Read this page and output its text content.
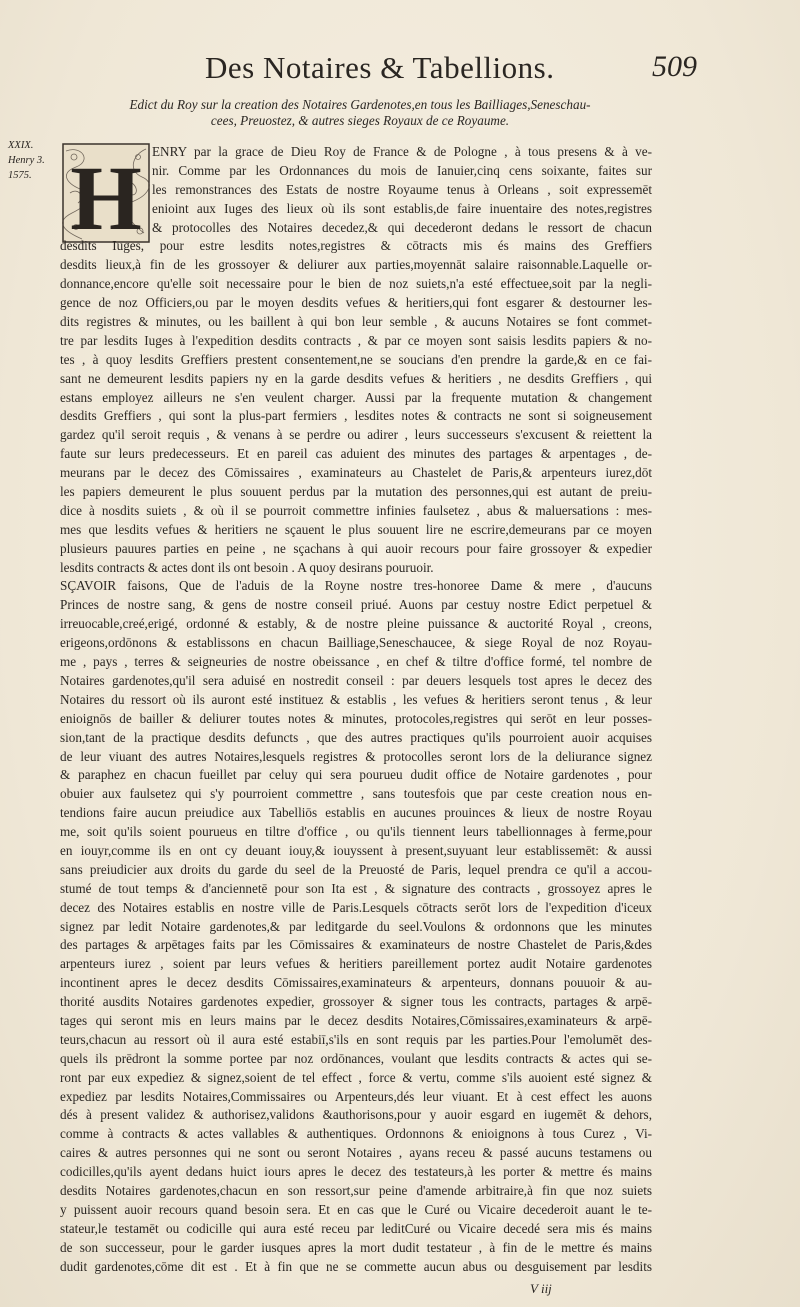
Des Notaires & Tabellions.	509
Edict du Roy sur la creation des Notaires Gardenotes,en tous les Bailliages,Seneschau-
cees, Preuostez, & autres sieges Royaux de ce Royaume.
XXIX.
Henry 3.
1575. H ENRY par la grace de Dieu Roy de France & de Pologne , à tous presens & à ve-
nir. Comme par les Ordonnances du mois de Ianuier,cinq cens soixante, faites sur
les remonstrances des Estats de nostre Royaume tenus à Orleans , soit expressemēt
enioint aux Iuges des lieux où ils sont establis,de faire inuentaire des notes,registres
& protocolles des Notaires decedez,& qui decederont dedans le ressort de chacun
desdits Iuges, pour estre lesdits notes,registres & cōtracts mis és mains des Greffiers
desdits lieux,à fin de les grossoyer & deliurer aux parties,moyennāt salaire raisonnable.Laquelle or-
donnance,encore qu'elle soit necessaire pour le bien de noz suiets,n'a esté effectuee,soit par la negli-
gence de noz Officiers,ou par le moyen desdits vefues & heritiers,qui font esgarer & destourner les-
dits registres & minutes, ou les baillent à qui bon leur semble , & aucuns Notaires se font commet-
tre par lesdits Iuges à l'expedition desdits contracts , & par ce moyen sont saisis lesdits papiers & no-
tes , à quoy lesdits Greffiers prestent consentement,ne se soucians d'en prendre la garde,& en ce fai-
sant ne demeurent lesdits papiers ny en la garde desdits vefues & heritiers , ne desdits Greffiers , qui
estans employez ailleurs ne s'en veulent charger. Aussi par la frequente mutation & changement
desdits Greffiers , qui sont la plus-part fermiers , lesdites notes & contracts ne sont si soigneusement
gardez qu'il seroit requis , & venans à se perdre ou adirer , leurs successeurs s'excusent & reiettent la
faute sur leurs predecesseurs. Et en pareil cas aduient des minutes des partages & arpentages , de-
meurans par le decez des Cōmissaires , examinateurs au Chastelet de Paris,& arpenteurs iurez,dōt
les papiers demeurent le plus souuent perdus par la mutation des personnes,qui est autant de preiu-
dice à nosdits suiets , & où il se pourroit commettre infinies faulsetez , abus & maluersations : mes-
mes que lesdits vefues & heritiers ne sçauent le plus souuent lire ne escrire,demeurans par ce moyen
plusieurs pauures parties en peine , ne sçachans à qui auoir recours pour faire grossoyer & expedier
lesdits contracts & actes dont ils ont besoin . A quoy desirans pouruoir.
SÇAVOIR faisons, Que de l'aduis de la Royne nostre tres-honoree Dame & mere , d'aucuns
Princes de nostre sang, & gens de nostre conseil priué. Auons par cestuy nostre Edict perpetuel &
irreuocable,creé,erigé, ordonné & estably, & de nostre pleine puissance & auctorité Royal , creons,
erigeons,ordōnons & establissons en chacun Bailliage,Seneschaucee, & siege Royal de noz Royau-
me , pays , terres & seigneuries de nostre obeissance , en chef & tiltre d'office formé, tel nombre de
Notaires gardenotes,qu'il sera aduisé en nostredit conseil : par deuers lesquels tost apres le decez des
Notaires du ressort où ils auront esté instituez & establis , les vefues & heritiers seront tenus , & leur
enioignōs de bailler & deliurer toutes notes & minutes, protocoles,registres qui serōt en leur posses-
sion,tant de la practique desdits defuncts , que des autres practiques qu'ils pourroient auoir acquises
de leur viuant des autres Notaires,lesquels registres & protocolles seront lors de la deliurance signez
& paraphez en chacun fueillet par celuy qui sera pourueu dudit office de Notaire gardenotes , pour
obuier aux faulsetez qui s'y pourroient commettre , sans toutesfois que par ceste creation nous en-
tendions faire aucun preiudice aux Tabelliōs establis en aucunes prouinces & lieux de nostre Royau
me, soit qu'ils soient pourueus en tiltre d'office , ou qu'ils tiennent leurs tabellionnages à ferme,pour
en iouyr,comme ils en ont cy deuant iouy,& iouyssent à present,suyuant leur establissemēt: & aussi
sans preiudicier aux droits du garde du seel de la Preuosté de Paris, lequel prendra ce qu'il a accou-
stumé de tout temps & d'anciennetē pour son Ita est , & signature des contracts , grossoyez apres le
decez des Notaires establis en nostre ville de Paris.Lesquels cōtracts serōt lors de l'expedition d'iceux
signez par ledit Notaire gardenotes,& par leditgarde du seel.Voulons & ordonnons que les minutes
des partages & arpētages faits par les Cōmissaires & examinateurs de nostre Chastelet de Paris,&des
arpenteurs iurez , soient par leurs vefues & heritiers pareillement portez audit Notaire gardenotes
incontinent apres le decez desdits Cōmissaires,examinateurs & arpenteurs, donnans pouuoir & au-
thorité ausdits Notaires gardenotes expedier, grossoyer & signer tous les contracts, partages & arpē-
tages qui seront mis en leurs mains par le decez desdits Notaires,Cōmissaires,examinateurs & arpē-
teurs,chacun au ressort où il aura esté estabiī,s'ils en sont requis par les parties.Pour l'emolumēt des-
quels ils prēdront la somme portee par noz ordōnances, voulant que lesdits contracts & actes qui se-
ront par eux expediez & signez,soient de tel effect , force & vertu, comme s'ils auoient esté signez &
expediez par lesdits Notaires,Commissaires ou Arpenteurs,dés leur viuant. Et à cest effect les auons
dés à present validez & authorisez,validons &authorisons,pour y auoir esgard en iugemēt & dehors,
comme à contracts & actes vallables & authentiques. Ordonnons & enioignons à tous Curez , Vi-
caires & autres personnes qui ne sont ou seront Notaires , ayans receu & passé aucuns testamens ou
codicilles,qu'ils ayent dedans huict iours apres le decez des testateurs,à les porter & mettre és mains
desdits Notaires gardenotes,chacun en son ressort,sur peine d'amende arbitraire,à fin que noz suiets
y puissent auoir recours quand besoin sera. Et en cas que le Curé ou Vicaire decederoit auant le te-
stateur,le testamēt ou codicille qui aura esté receu par leditCuré ou Vicaire decedé sera mis és mains
de son successeur, pour le garder iusques apres la mort dudit testateur , à fin de le mettre és mains
dudit gardenotes,cōme dit est . Et à fin que ne se commette aucun abus ou desguisement par lesdits
V iij
